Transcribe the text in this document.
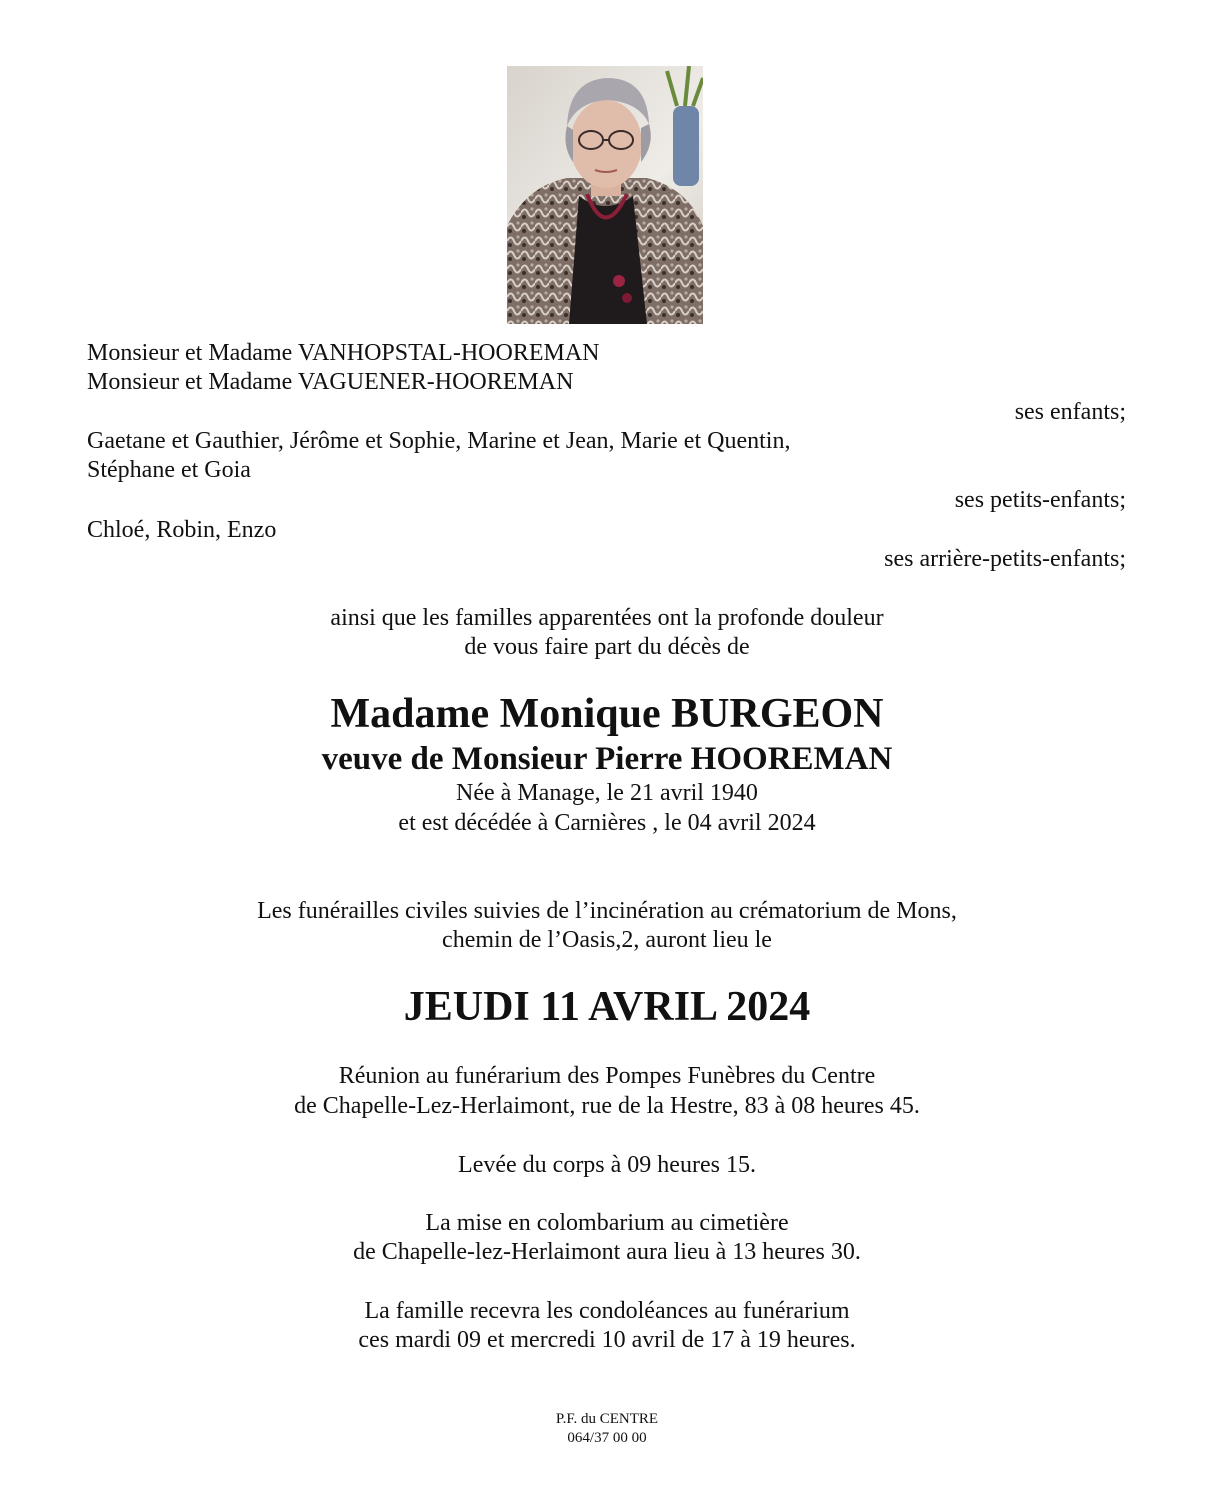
Monsieur et Madame VANHOPSTAL-HOOREMAN
Monsieur et Madame VAGUENER-HOOREMAN
ses enfants;
Gaetane et Gauthier, Jérôme et Sophie, Marine et Jean, Marie et Quentin,
Stéphane et Goia
ses petits-enfants;
Chloé, Robin, Enzo
ses arrière-petits-enfants;
ainsi que les familles apparentées ont la profonde douleur
de vous faire part du décès de
Madame Monique BURGEON
veuve de Monsieur Pierre HOOREMAN
Née à Manage, le 21 avril 1940
et est décédée à Carnières , le 04 avril 2024
Les funérailles civiles suivies de l’incinération au crématorium de Mons,
chemin de l’Oasis,2, auront lieu le
JEUDI 11 AVRIL 2024
Réunion au funérarium des Pompes Funèbres du Centre
de Chapelle-Lez-Herlaimont, rue de la Hestre, 83 à 08 heures 45.
Levée du corps à 09 heures 15.
La mise en colombarium au cimetière
de Chapelle-lez-Herlaimont aura lieu à 13 heures 30.
La famille recevra les condoléances au funérarium
ces mardi 09 et mercredi 10 avril de 17 à 19 heures.
P.F. du CENTRE
064/37 00 00
